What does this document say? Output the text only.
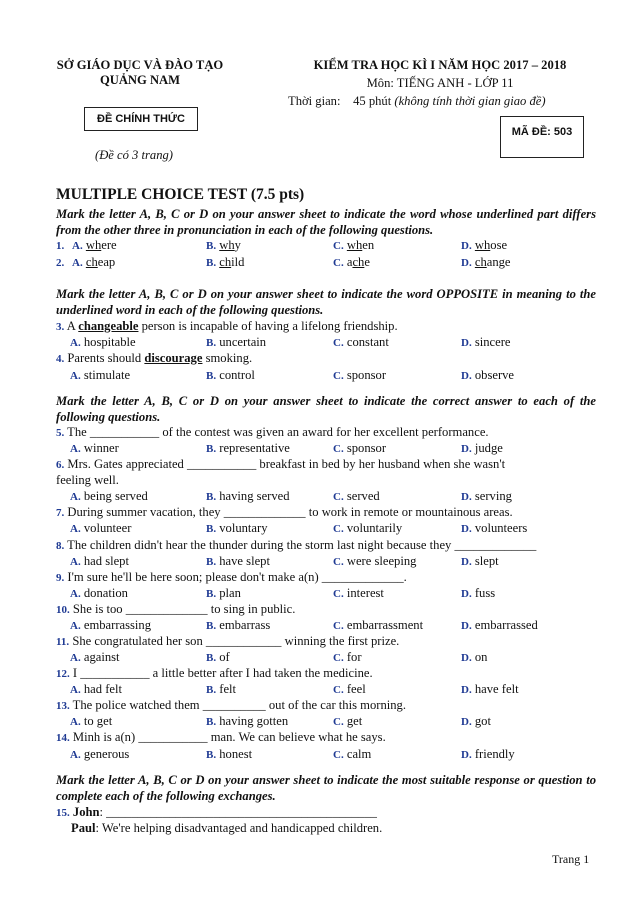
SỞ GIÁO DỤC VÀ ĐÀO TẠO
QUẢNG NAM
ĐỀ CHÍNH THỨC
(Đề có 3 trang)
KIỂM TRA HỌC KÌ I NĂM HỌC 2017 – 2018
Môn: TIẾNG ANH - LỚP 11
Thời gian: 45 phút (không tính thời gian giao đề)
MÃ ĐỀ: 503
MULTIPLE CHOICE TEST (7.5 pts)
Mark the letter A, B, C or D on your answer sheet to indicate the word whose underlined part differs from the other three in pronunciation in each of the following questions.
1. A. where	B. why	C. when	D. whose
2. A. cheap	B. child	C. ache	D. change
Mark the letter A, B, C or D on your answer sheet to indicate the word OPPOSITE in meaning to the underlined word in each of the following questions.
3. A changeable person is incapable of having a lifelong friendship.
A. hospitable	B. uncertain	C. constant	D. sincere
4. Parents should discourage smoking.
A. stimulate	B. control	C. sponsor	D. observe
Mark the letter A, B, C or D on your answer sheet to indicate the correct answer to each of the following questions.
5. The ___________ of the contest was given an award for her excellent performance.
A. winner	B. representative	C. sponsor	D. judge
6. Mrs. Gates appreciated ___________ breakfast in bed by her husband when she wasn't
feeling well.
A. being served	B. having served	C. served	D. serving
7. During summer vacation, they _____________ to work in remote or mountainous areas.
A. volunteer	B. voluntary	C. voluntarily	D. volunteers
8. The children didn't hear the thunder during the storm last night because they _____________
A. had slept	B. have slept	C. were sleeping	D. slept
9. I'm sure he'll be here soon; please don't make a(n) _____________.
A. donation	B. plan	C. interest	D. fuss
10. She is too _____________ to sing in public.
A. embarrassing	B. embarrass	C. embarrassment	D. embarrassed
11. She congratulated her son ____________ winning the first prize.
A. against	B. of	C. for	D. on
12. I ___________ a little better after I had taken the medicine.
A. had felt	B. felt	C. feel	D. have felt
13. The police watched them __________ out of the car this morning.
A. to get	B. having gotten	C. get	D. got
14. Minh is a(n) ___________ man. We can believe what he says.
A. generous	B. honest	C. calm	D. friendly
Mark the letter A, B, C or D on your answer sheet to indicate the most suitable response or question to complete each of the following exchanges.
15. John: ___________________________________________
Paul: We're helping disadvantaged and handicapped children.
Trang 1
